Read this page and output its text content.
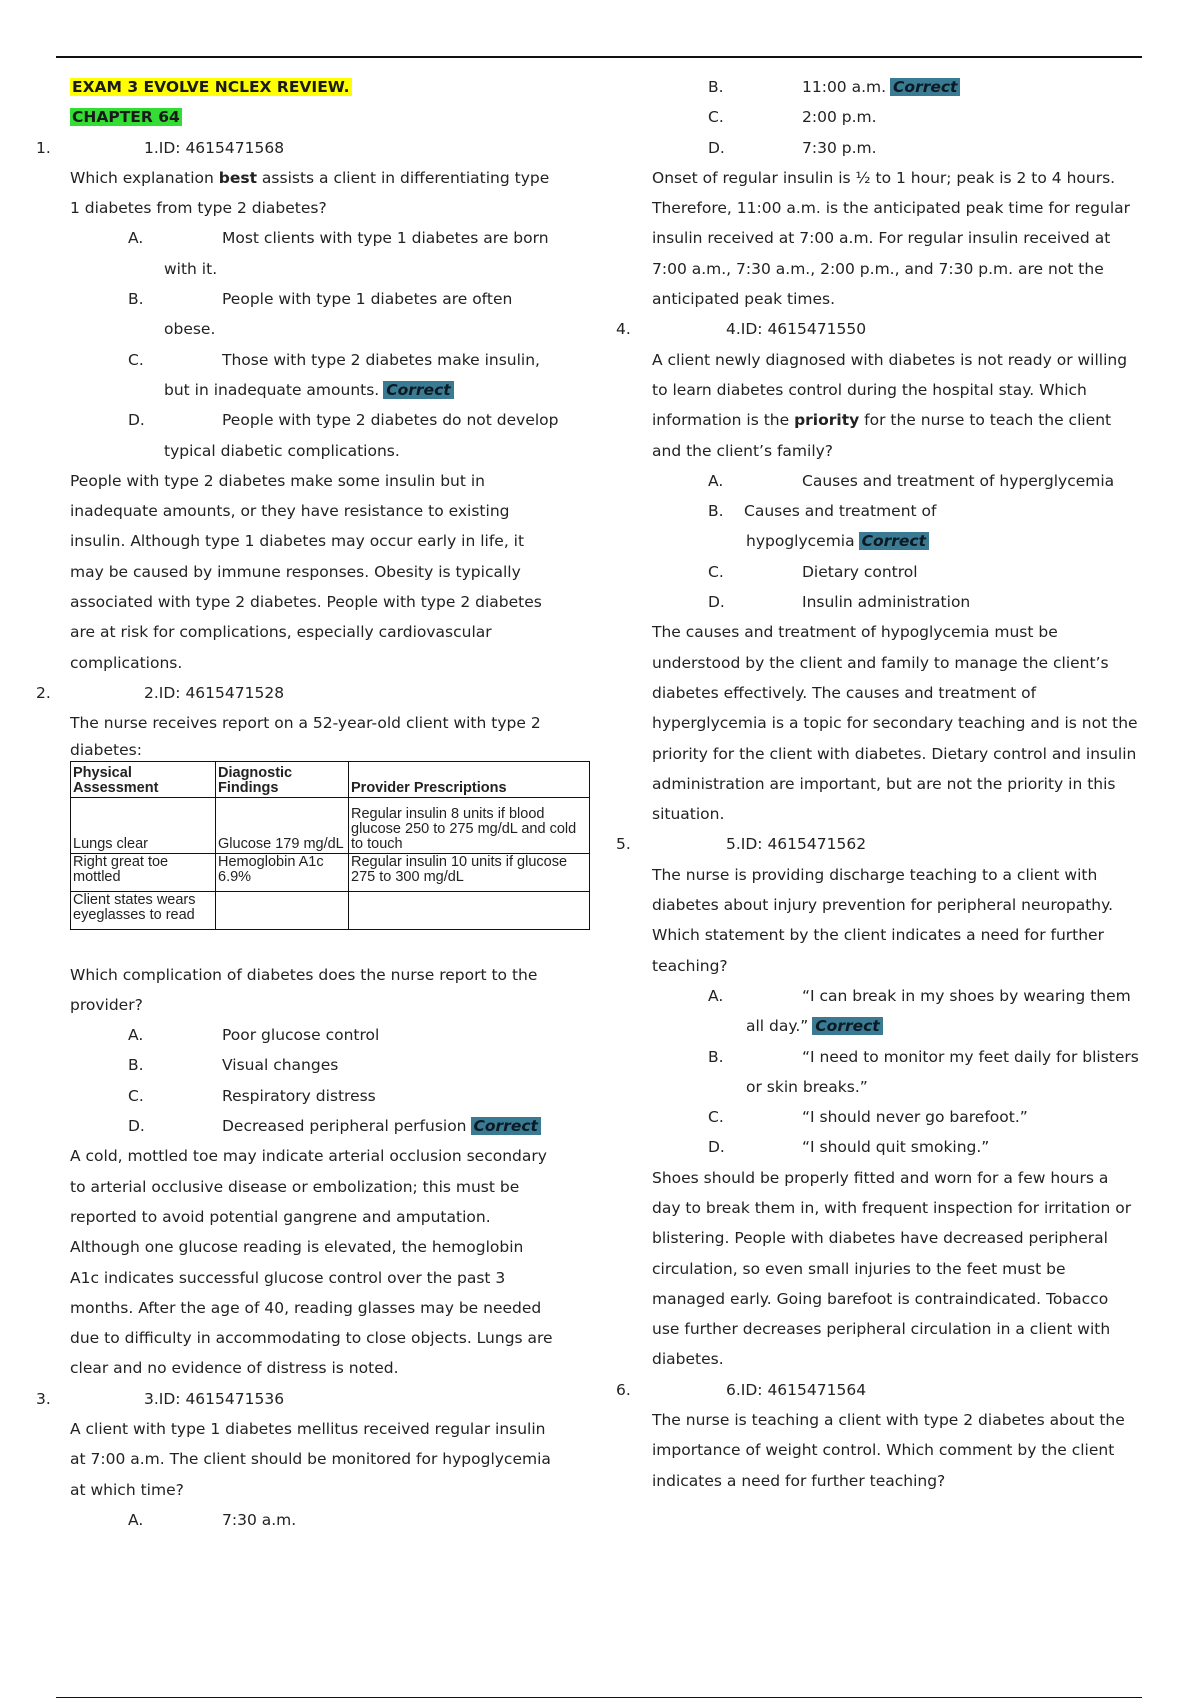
EXAM 3 EVOLVE NCLEX REVIEW.
CHAPTER 64
1.	1.ID: 4615471568
Which explanation best assists a client in differentiating type
1 diabetes from type 2 diabetes?
A.	Most clients with type 1 diabetes are born
with it.
B.	People with type 1 diabetes are often
obese.
C.	Those with type 2 diabetes make insulin,
but in inadequate amounts. Correct
D.	People with type 2 diabetes do not develop
typical diabetic complications.
People with type 2 diabetes make some insulin but in
inadequate amounts, or they have resistance to existing
insulin. Although type 1 diabetes may occur early in life, it
may be caused by immune responses. Obesity is typically
associated with type 2 diabetes. People with type 2 diabetes
are at risk for complications, especially cardiovascular
complications.
2.	2.ID: 4615471528
The nurse receives report on a 52-year-old client with type 2
diabetes:
Physical Assessment	Diagnostic Findings	Provider Prescriptions
Lungs clear	Glucose 179 mg/dL	Regular insulin 8 units if blood glucose 250 to 275 mg/dL and cold to touch
Right great toe mottled	Hemoglobin A1c 6.9%	Regular insulin 10 units if glucose 275 to 300 mg/dL
Client states wears eyeglasses to read		
Which complication of diabetes does the nurse report to the
provider?
A.	Poor glucose control
B.	Visual changes
C.	Respiratory distress
D.	Decreased peripheral perfusion Correct
A cold, mottled toe may indicate arterial occlusion secondary
to arterial occlusive disease or embolization; this must be
reported to avoid potential gangrene and amputation.
Although one glucose reading is elevated, the hemoglobin
A1c indicates successful glucose control over the past 3
months. After the age of 40, reading glasses may be needed
due to difficulty in accommodating to close objects. Lungs are
clear and no evidence of distress is noted.
3.	3.ID: 4615471536
A client with type 1 diabetes mellitus received regular insulin
at 7:00 a.m. The client should be monitored for hypoglycemia
at which time?
A.	7:30 a.m.
B.	11:00 a.m. Correct
C.	2:00 p.m.
D.	7:30 p.m.
Onset of regular insulin is ½ to 1 hour; peak is 2 to 4 hours.
Therefore, 11:00 a.m. is the anticipated peak time for regular
insulin received at 7:00 a.m. For regular insulin received at
7:00 a.m., 7:30 a.m., 2:00 p.m., and 7:30 p.m. are not the
anticipated peak times.
4.	4.ID: 4615471550
A client newly diagnosed with diabetes is not ready or willing
to learn diabetes control during the hospital stay. Which
information is the priority for the nurse to teach the client
and the client’s family?
A.	Causes and treatment of hyperglycemia
B.	Causes and treatment of
hypoglycemia Correct
C.	Dietary control
D.	Insulin administration
The causes and treatment of hypoglycemia must be
understood by the client and family to manage the client’s
diabetes effectively. The causes and treatment of
hyperglycemia is a topic for secondary teaching and is not the
priority for the client with diabetes. Dietary control and insulin
administration are important, but are not the priority in this
situation.
5.	5.ID: 4615471562
The nurse is providing discharge teaching to a client with
diabetes about injury prevention for peripheral neuropathy.
Which statement by the client indicates a need for further
teaching?
A.	“I can break in my shoes by wearing them
all day.” Correct
B.	“I need to monitor my feet daily for blisters
or skin breaks.”
C.	“I should never go barefoot.”
D.	“I should quit smoking.”
Shoes should be properly fitted and worn for a few hours a
day to break them in, with frequent inspection for irritation or
blistering. People with diabetes have decreased peripheral
circulation, so even small injuries to the feet must be
managed early. Going barefoot is contraindicated. Tobacco
use further decreases peripheral circulation in a client with
diabetes.
6.	6.ID: 4615471564
The nurse is teaching a client with type 2 diabetes about the
importance of weight control. Which comment by the client
indicates a need for further teaching?
